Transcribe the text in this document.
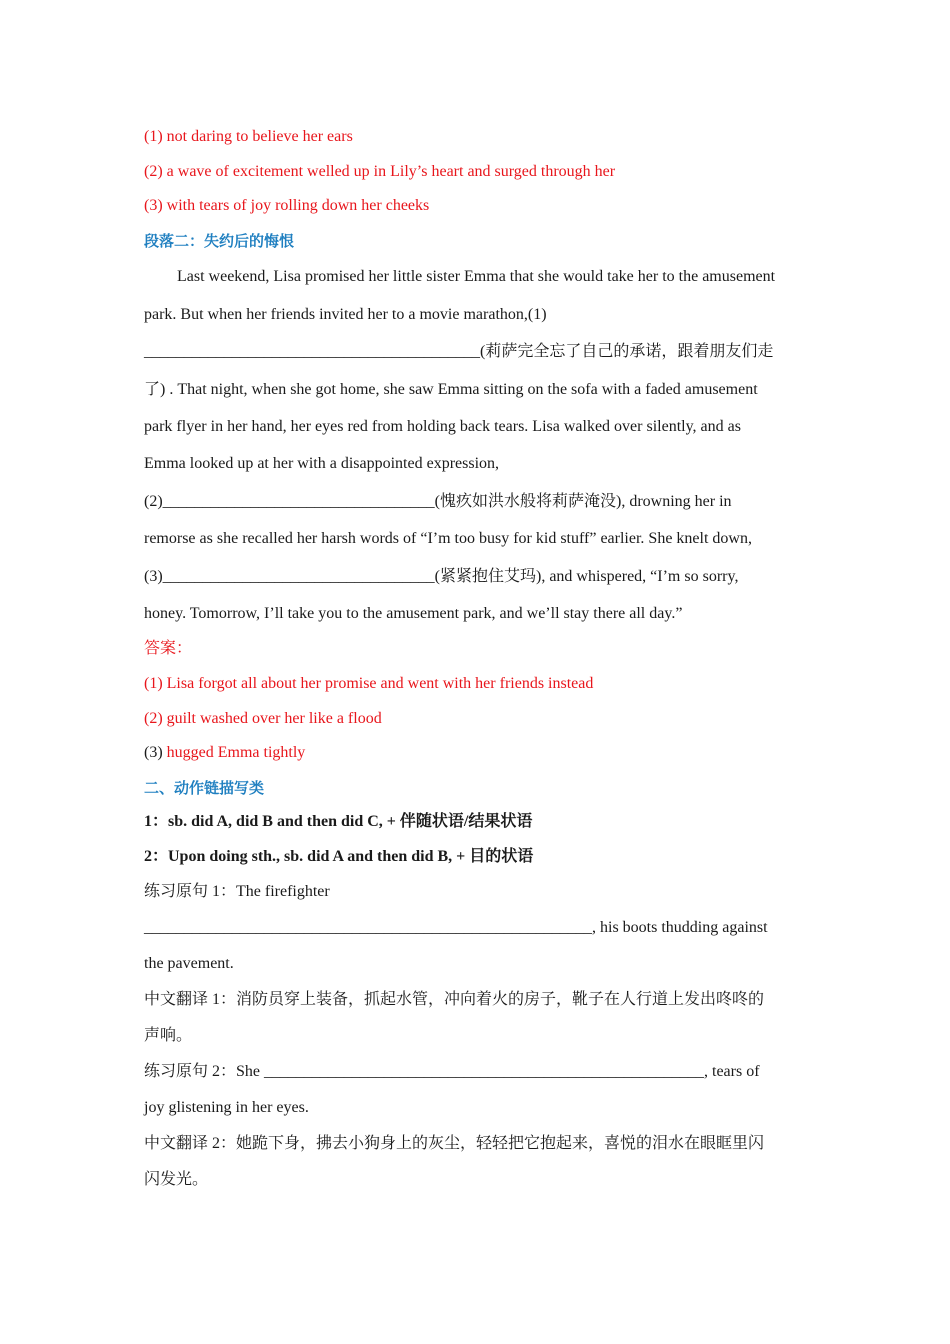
(1) not daring to believe her ears

(2) a wave of excitement welled up in Lily’s heart and surged through her

(3) with tears of joy rolling down her cheeks

段落二：失约后的悔恨

Last weekend, Lisa promised her little sister Emma that she would take her to the amusement

park. But when her friends invited her to a movie marathon,(1)

__________________________________________(莉萨完全忘了自己的承诺，跟着朋友们走

了) . That night, when she got home, she saw Emma sitting on the sofa with a faded amusement

park flyer in her hand, her eyes red from holding back tears. Lisa walked over silently, and as

Emma looked up at her with a disappointed expression,

(2)__________________________________(愧疚如洪水般将莉萨淹没), drowning her in

remorse as she recalled her harsh words of “I’m too busy for kid stuff” earlier. She knelt down,

(3)__________________________________(紧紧抱住艾玛), and whispered, “I’m so sorry,

honey. Tomorrow, I’ll take you to the amusement park, and we’ll stay there all day.”

答案：

(1) Lisa forgot all about her promise and went with her friends instead

(2) guilt washed over her like a flood

(3) hugged Emma tightly

二、动作链描写类

1：sb. did A, did B and then did C, + 伴随状语/结果状语

2：Upon doing sth., sb. did A and then did B, + 目的状语

练习原句 1：The firefighter

________________________________________________________, his boots thudding against

the pavement.

中文翻译 1：消防员穿上装备，抓起水管，冲向着火的房子，靴子在人行道上发出咚咚的

声响。

练习原句 2：She _______________________________________________________, tears of

joy glistening in her eyes.

中文翻译 2：她跪下身，拂去小狗身上的灰尘，轻轻把它抱起来，喜悦的泪水在眼眶里闪

闪发光。
